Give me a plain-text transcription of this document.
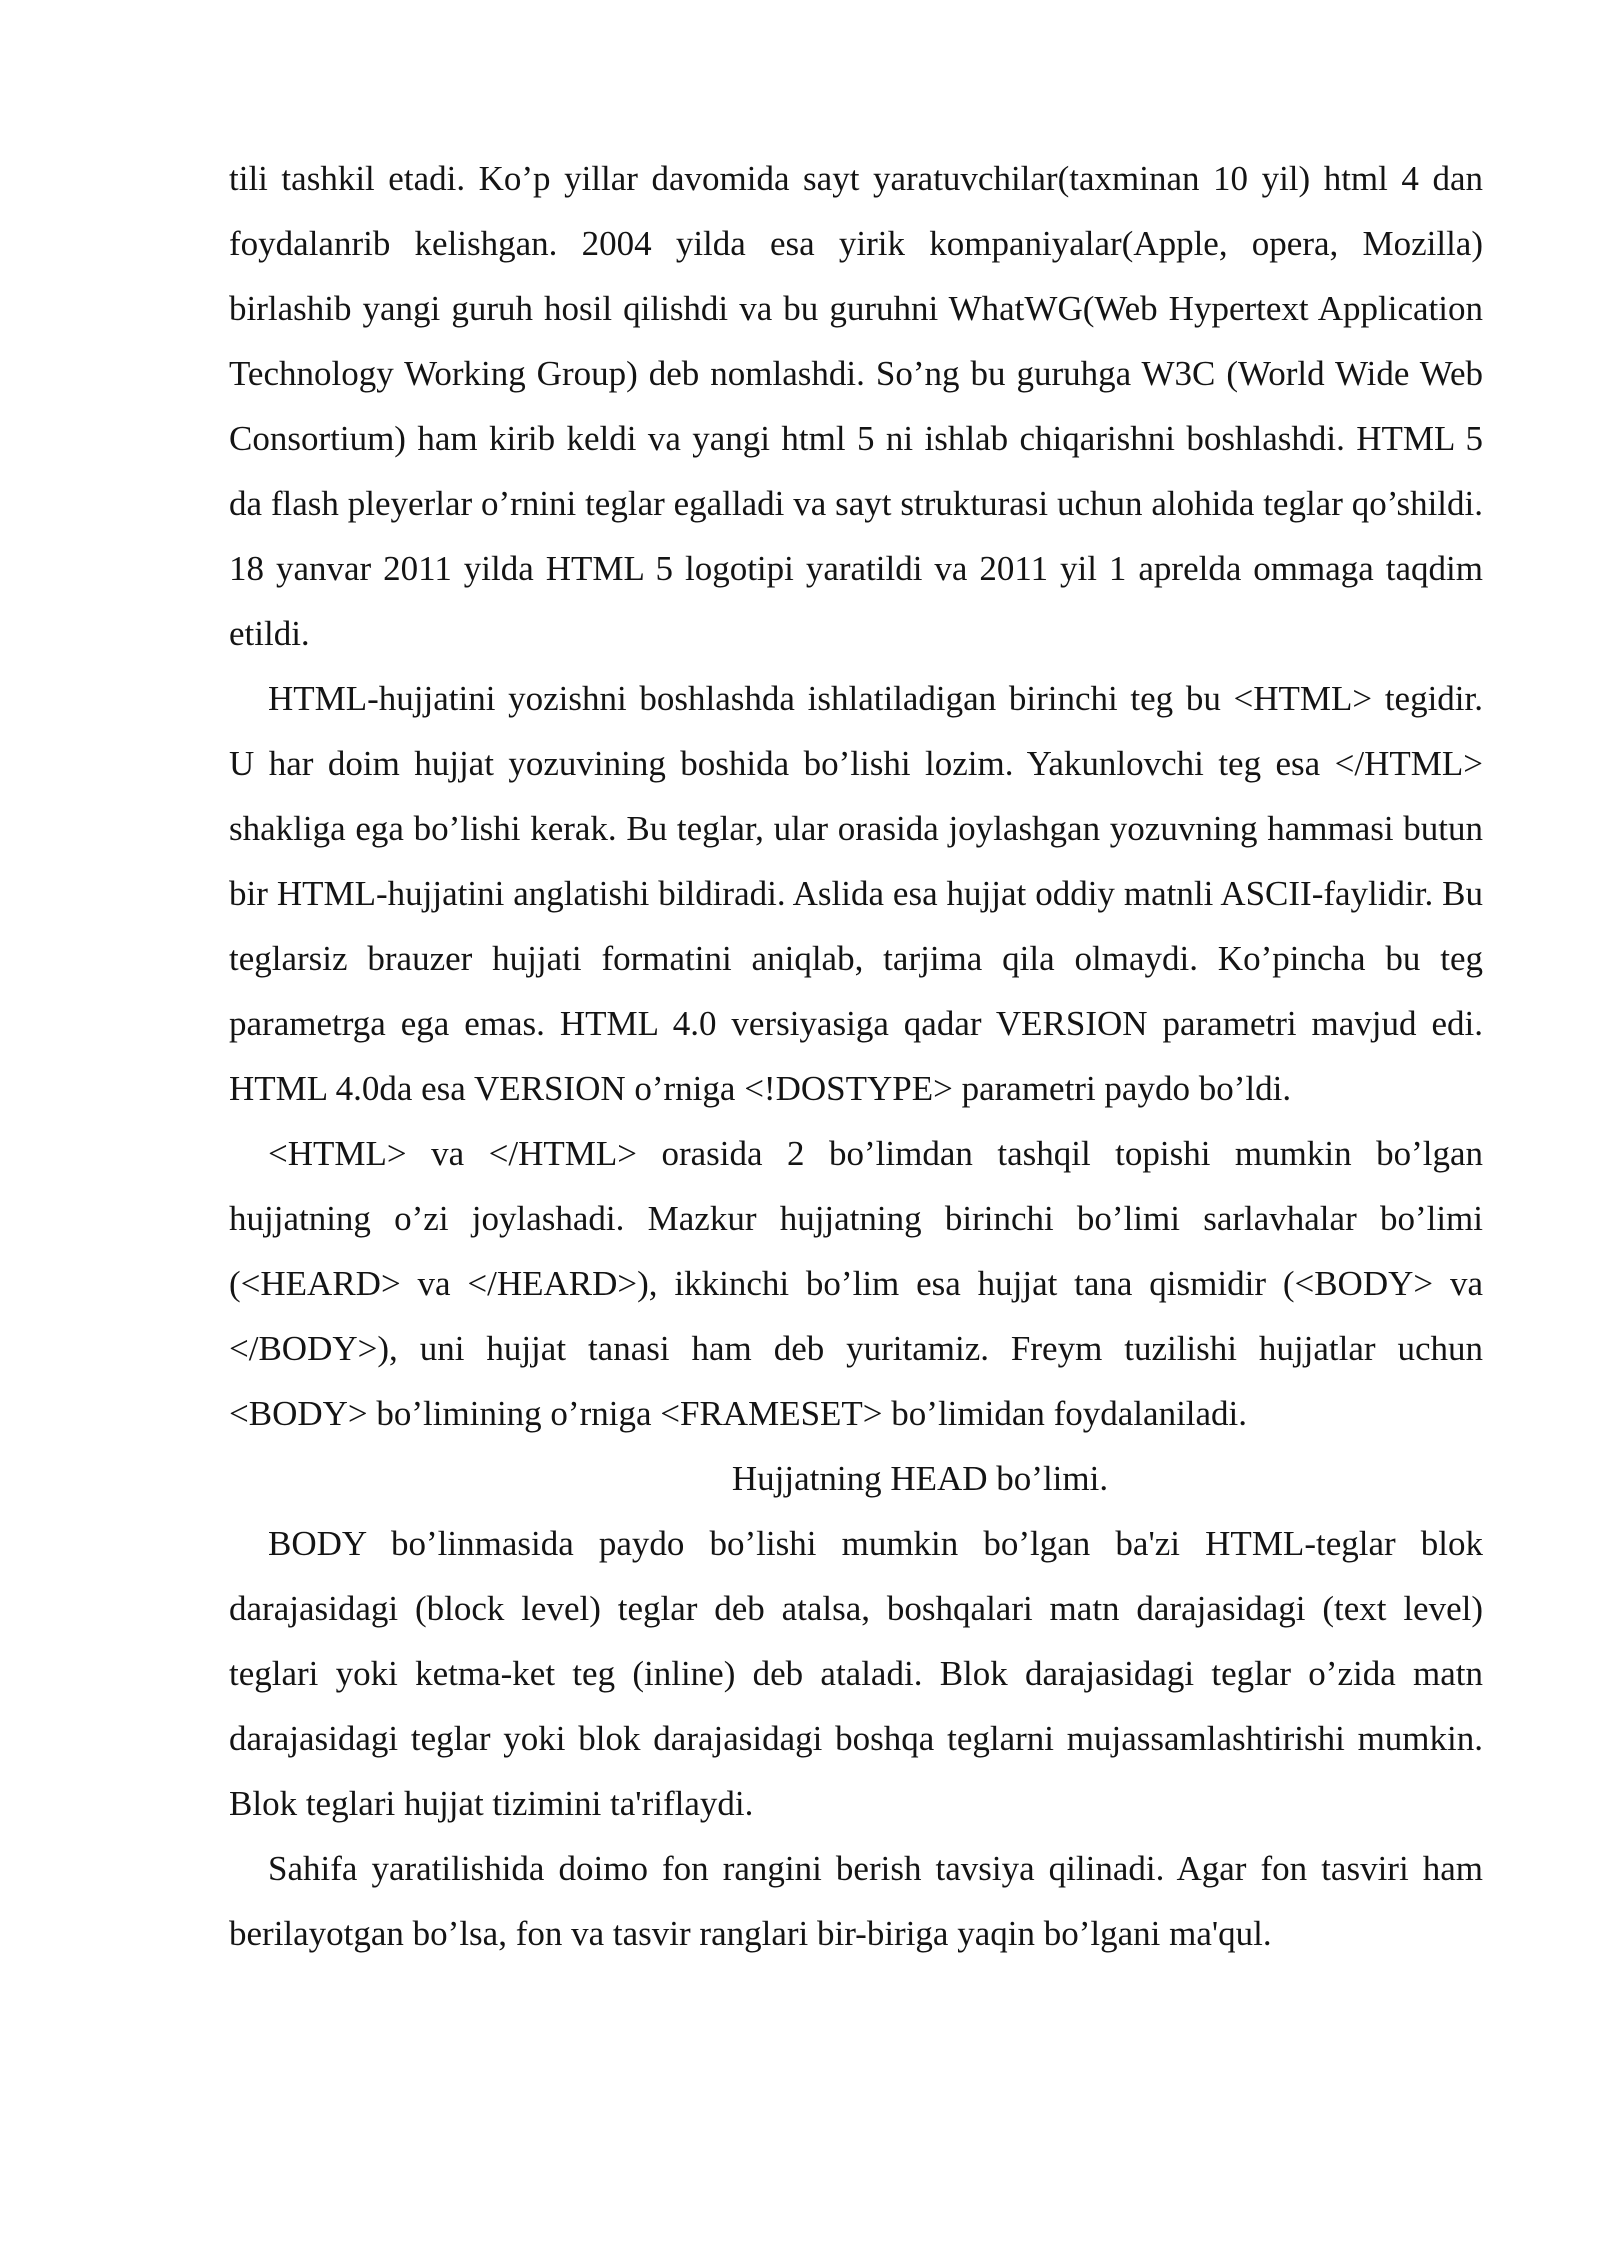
tili tashkil etadi. Ko’p yillar davomida sayt yaratuvchilar(taxminan 10 yil) html 4 dan foydalanrib kelishgan. 2004 yilda esa yirik kompaniyalar(Apple, opera, Mozilla) birlashib yangi guruh hosil qilishdi va bu guruhni WhatWG(Web Hypertext Application Technology Working Group) deb nomlashdi. So’ng bu guruhga W3C (World Wide Web Consortium) ham kirib keldi va yangi html 5 ni ishlab chiqarishni boshlashdi. HTML 5 da flash pleyerlar o’rnini teglar egalladi va sayt strukturasi uchun alohida teglar qo’shildi. 18 yanvar 2011 yilda HTML 5 logotipi yaratildi va 2011 yil 1 aprelda ommaga taqdim etildi.

HTML-hujjatini yozishni boshlashda ishlatiladigan birinchi teg bu <HTML> tegidir. U har doim hujjat yozuvining boshida bo’lishi lozim. Yakunlovchi teg esa </HTML> shakliga ega bo’lishi kerak. Bu teglar, ular orasida joylashgan yozuvning hammasi butun bir HTML-hujjatini anglatishi bildiradi. Aslida esa hujjat oddiy matnli ASCII-faylidir. Bu teglarsiz brauzer hujjati formatini aniqlab, tarjima qila olmaydi. Ko’pincha bu teg parametrga ega emas. HTML 4.0 versiyasiga qadar VERSION parametri mavjud edi. HTML 4.0da esa VERSION o’rniga <!DOSTYPE> parametri paydo bo’ldi.

<HTML> va </HTML> orasida 2 bo’limdan tashqil topishi mumkin bo’lgan hujjatning o’zi joylashadi. Mazkur hujjatning birinchi bo’limi sarlavhalar bo’limi (<HEARD> va </HEARD>), ikkinchi bo’lim esa hujjat tana qismidir (<BODY> va </BODY>), uni hujjat tanasi ham deb yuritamiz. Freym tuzilishi hujjatlar uchun <BODY> bo’limining o’rniga <FRAMESET> bo’limidan foydalaniladi.

Hujjatning HEAD bo’limi.

BODY bo’linmasida paydo bo’lishi mumkin bo’lgan ba'zi HTML-teglar blok darajasidagi (block level) teglar deb atalsa, boshqalari matn darajasidagi (text level) teglari yoki ketma-ket teg (inline) deb ataladi. Blok darajasidagi teglar o’zida matn darajasidagi teglar yoki blok darajasidagi boshqa teglarni mujassamlashtirishi mumkin. Blok teglari hujjat tizimini ta'riflaydi.

Sahifa yaratilishida doimo fon rangini berish tavsiya qilinadi. Agar fon tasviri ham berilayotgan bo’lsa, fon va tasvir ranglari bir-biriga yaqin bo’lgani ma'qul.
